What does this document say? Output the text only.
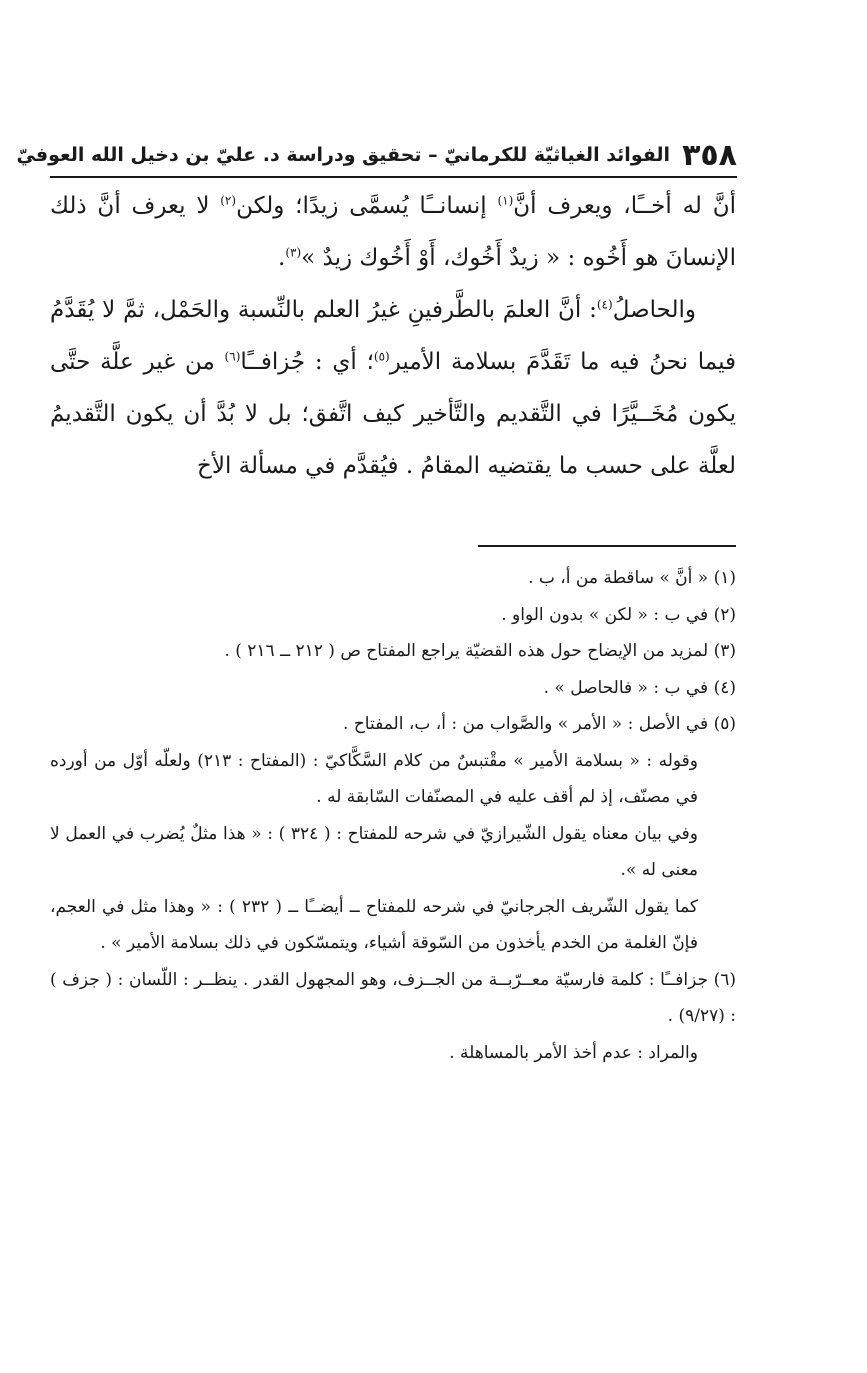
٣٥٨
الفوائد الغياثيّة للكرمانيّ – تحقيق ودراسة د. عليّ بن دخيل الله العوفيّ

أنَّ له أخــًا، ويعرف أنَّ$^{(١)}$ إنسانــًا يُسمَّى زيدًا؛ ولكن$^{(٢)}$ لا يعرف أنَّ ذلك الإنسانَ هو أَخُوه : « زيدٌ أَخُوك، أَوْ أَخُوك زيدٌ »$^{(٣)}$.

والحاصلُ$^{(٤)}$: أنَّ العلمَ بالطَّرفينِ غيرُ العلم بالنِّسبة والحَمْل، ثمَّ لا يُقَدَّمُ فيما نحنُ فيه ما تَقَدَّمَ بسلامة الأمير$^{(٥)}$؛ أي : جُزافــًا$^{(٦)}$ من غير علَّة حتَّى يكون مُخَــيَّرًا في التَّقديم والتَّأخير كيف اتَّفق؛ بل لا بُدَّ أن يكون التَّقديمُ لعلَّة على حسب ما يقتضيه المقامُ . فيُقدَّم في مسألة الأخ

(١) « أنَّ » ساقطة من أ، ب .

(٢) في ب : « لكن » بدون الواو .

(٣) لمزيد من الإيضاح حول هذه القضيّة يراجع المفتاح ص ( ٢١٢ ــ ٢١٦ ) .

(٤) في ب : « فالحاصل » .

(٥) في الأصل : « الأمر » والصَّواب من : أ، ب، المفتاح .

وقوله : « بسلامة الأمير » مقْتبسٌ من كلام السَّكَّاكيّ : (المفتاح : ٢١٣) ولعلّه أوّل من أورده في مصنّف، إذ لم أقف عليه في المصنّفات السّابقة له .

وفي بيان معناه يقول الشّيرازيّ في شرحه للمفتاح : ( ٣٢٤ ) : « هذا مثلٌ يُضرب في العمل لا معنى له ».

كما يقول الشّريف الجرجانيّ في شرحه للمفتاح ــ أيضــًا ــ ( ٢٣٢ ) : « وهذا مثل في العجم، فإنّ الغلمة من الخدم يأخذون من السّوقة أشياء، ويتمسّكون في ذلك بسلامة الأمير » .

(٦) جزافــًا : كلمة فارسيّة معــرّبــة من الجــزف، وهو المجهول القدر . ينظــر : اللّسان : ( جزف ) : (٩/٢٧) .

والمراد : عدم أخذ الأمر بالمساهلة .
